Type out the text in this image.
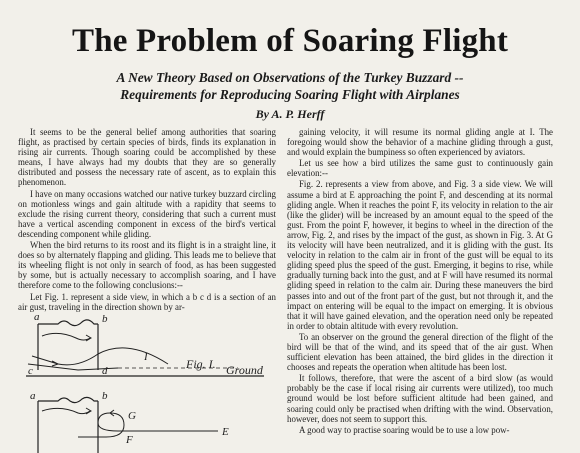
The Problem of Soaring Flight
A New Theory Based on Observations of the Turkey Buzzard --
Requirements for Reproducing Soaring Flight with Airplanes
By A. P. Herff

It seems to be the general belief among authorities that soaring flight, as practised by certain species of birds, finds its explanation in rising air currents. Though soaring could be accomplished by these means, I have always had my doubts that they are so generally distributed and possess the necessary rate of ascent, as to explain this phenomenon.

I have on many occasions watched our native turkey buzzard circling on motionless wings and gain altitude with a rapidity that seems to exclude the rising current theory, considering that such a current must have a vertical ascending component in excess of the bird's vertical descending component while gliding.

When the bird returns to its roost and its flight is in a straight line, it does so by alternately flapping and gliding. This leads me to believe that its wheeling flight is not only in search of food, as has been suggested by some, but is actually necessary to accomplish soaring, and I have therefore come to the following conclusions:--

Let Fig. 1. represent a side view, in which a b c d is a section of an air gust, traveling in the direction shown by ar-

gaining velocity, it will resume its normal gliding angle at I. The foregoing would show the behavior of a machine gliding through a gust, and would explain the bumpiness so often experienced by aviators.

Let us see how a bird utilizes the same gust to continuously gain elevation:--

Fig. 2. represents a view from above, and Fig. 3 a side view. We will assume a bird at E approaching the point F, and descending at its normal gliding angle. When it reaches the point F, its velocity in relation to the air (like the glider) will be increased by an amount equal to the speed of the gust. From the point F, however, it begins to wheel in the direction of the arrow, Fig. 2, and rises by the impact of the gust, as shown in Fig. 3. At G its velocity will have been neutralized, and it is gliding with the gust. Its velocity in relation to the calm air in front of the gust will be equal to its gliding speed plus the speed of the gust. Emerging, it begins to rise, while gradually turning back into the gust, and at F will have resumed its normal gliding speed in relation to the calm air. During these maneuvers the bird passes into and out of the front part of the gust, but not through it, and the impact on entering will be equal to the impact on emerging. It is obvious that it will have gained elevation, and the operation need only be repeated in order to obtain altitude with every revolution.

To an observer on the ground the general direction of the flight of the bird will be that of the wind, and its speed that of the air gust. When sufficient elevation has been attained, the bird glides in the direction it chooses and repeats the operation when altitude has been lost.

It follows, therefore, that were the ascent of a bird slow (as would probably be the case if local rising air currents were utilized), too much ground would be lost before sufficient altitude had been gained, and soaring could only be practised when drifting with the wind. Observation, however, does not seem to support this.

A good way to practise soaring would be to use a low pow-

a	b
c	d
I	Fig. I. Ground
a	b
F
G
E
